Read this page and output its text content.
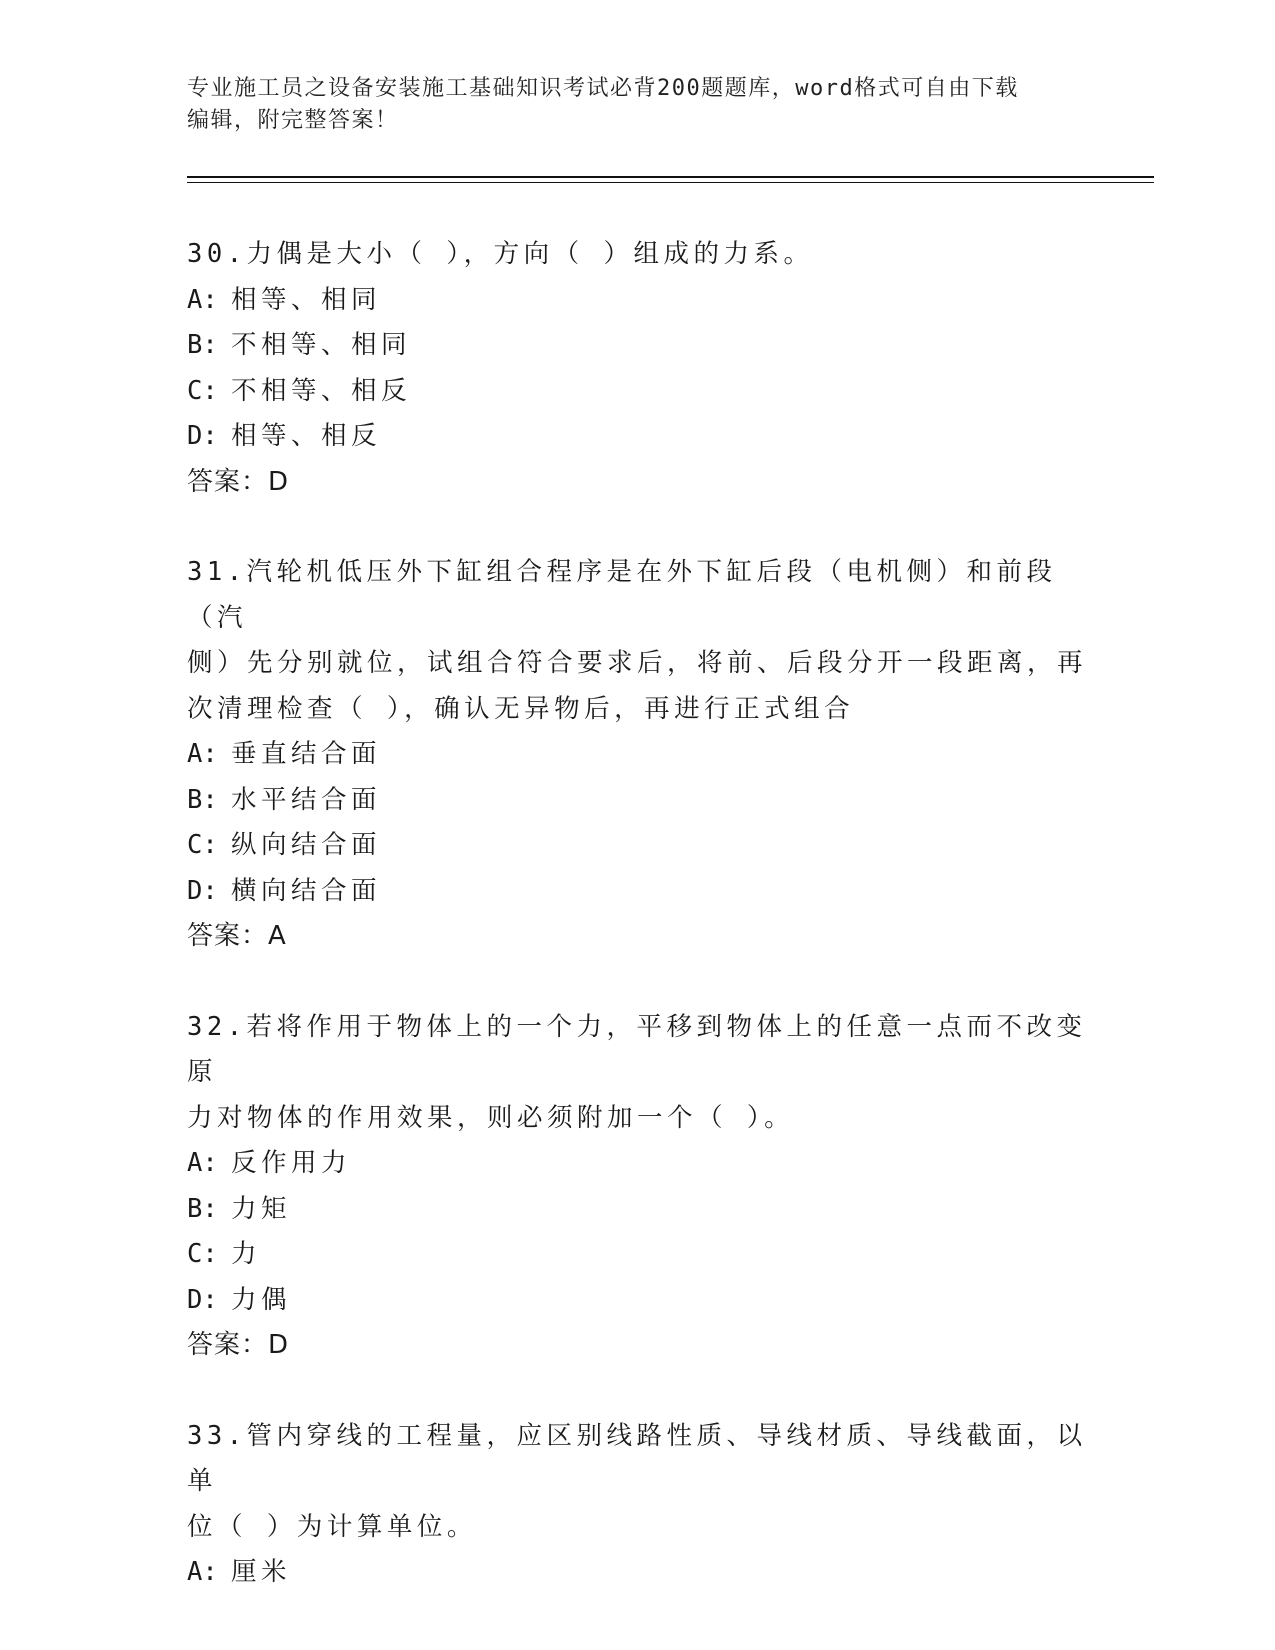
专业施工员之设备安装施工基础知识考试必背200题题库，word格式可自由下载
编辑，附完整答案！
30.力偶是大小（ ），方向（ ）组成的力系。
A: 相等、相同
B: 不相等、相同
C: 不相等、相反
D: 相等、相反
答案：D
31.汽轮机低压外下缸组合程序是在外下缸后段（电机侧）和前段（汽
侧）先分别就位，试组合符合要求后，将前、后段分开一段距离，再
次清理检查（ ），确认无异物后，再进行正式组合
A: 垂直结合面
B: 水平结合面
C: 纵向结合面
D: 横向结合面
答案：A
32.若将作用于物体上的一个力，平移到物体上的任意一点而不改变原
力对物体的作用效果，则必须附加一个（ ）。
A: 反作用力
B: 力矩
C: 力
D: 力偶
答案：D
33.管内穿线的工程量，应区别线路性质、导线材质、导线截面，以单
位（ ）为计算单位。
A: 厘米
